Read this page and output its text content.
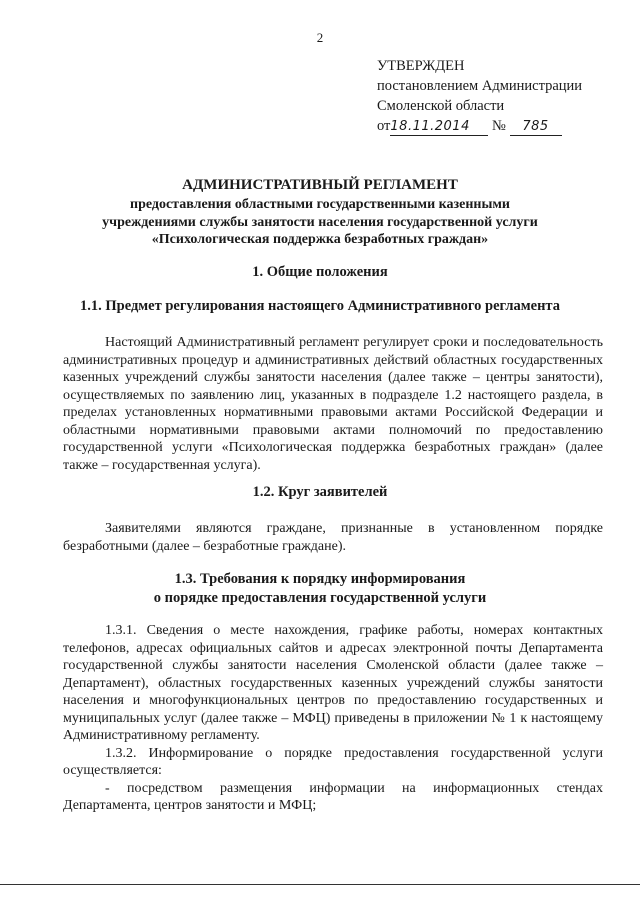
2
УТВЕРЖДЕН
постановлением Администрации
Смоленской области
от18.11.2014 № 785
АДМИНИСТРАТИВНЫЙ РЕГЛАМЕНТ
предоставления областными государственными казенными
учреждениями службы занятости населения государственной услуги
«Психологическая поддержка безработных граждан»
1. Общие положения
1.1. Предмет регулирования настоящего Административного регламента

Настоящий Административный регламент регулирует сроки и последовательность административных процедур и административных действий областных государственных казенных учреждений службы занятости населения (далее также – центры занятости), осуществляемых по заявлению лиц, указанных в подразделе 1.2 настоящего раздела, в пределах установленных нормативными правовыми актами Российской Федерации и областными нормативными правовыми актами полномочий по предоставлению государственной услуги «Психологическая поддержка безработных граждан» (далее также – государственная услуга).

1.2. Круг заявителей

Заявителями являются граждане, признанные в установленном порядке безработными (далее – безработные граждане).

1.3. Требования к порядку информирования
о порядке предоставления государственной услуги

1.3.1. Сведения о месте нахождения, графике работы, номерах контактных телефонов, адресах официальных сайтов и адресах электронной почты Департамента государственной службы занятости населения Смоленской области (далее также – Департамент), областных государственных казенных учреждений службы занятости населения и многофункциональных центров по предоставлению государственных и муниципальных услуг (далее также – МФЦ) приведены в приложении № 1 к настоящему Административному регламенту.

1.3.2. Информирование о порядке предоставления государственной услуги осуществляется:

- посредством размещения информации на информационных стендах Департамента, центров занятости и МФЦ;
